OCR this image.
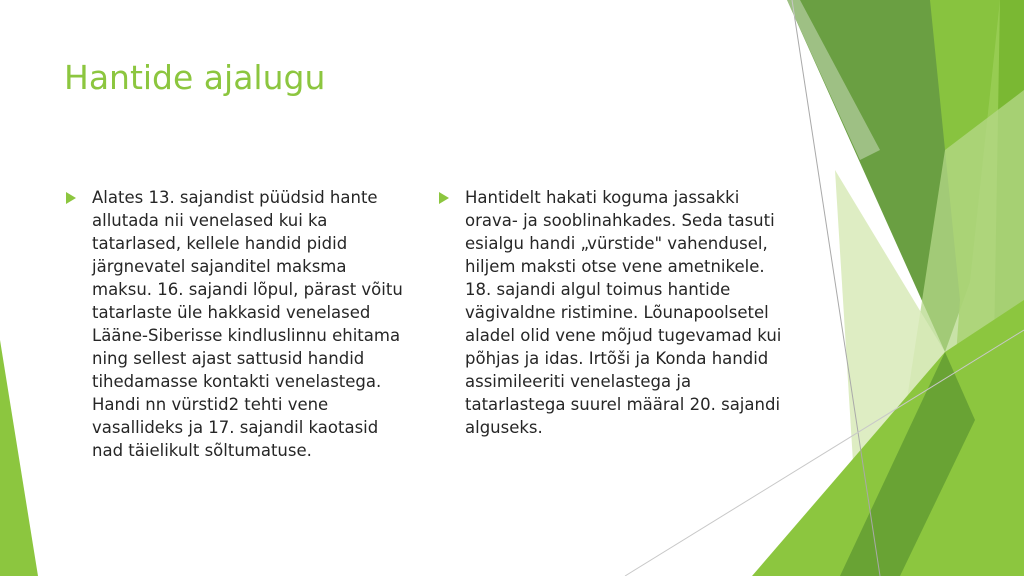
Hantide ajalugu
Alates 13. sajandist püüdsid hante allutada nii venelased kui ka tatarlased, kellele handid pidid järgnevatel sajanditel maksma maksu. 16. sajandi lõpul, pärast võitu tatarlaste üle hakkasid venelased Lääne-Siberisse kindluslinnu ehitama ning sellest ajast sattusid handid tihedamasse kontakti venelastega. Handi nn vürstid2 tehti vene vasallideks ja 17. sajandil kaotasid nad täielikult sõltumatuse.
Hantidelt hakati koguma jassakki orava- ja sooblinahkades. Seda tasuti esialgu handi „vürstide" vahendusel, hiljem maksti otse vene ametnikele. 18. sajandi algul toimus hantide vägivaldne ristimine. Lõunapoolsetel aladel olid vene mõjud tugevamad kui põhjas ja idas. Irtõši ja Konda handid assimileeriti venelastega ja tatarlastega suurel määral 20. sajandi alguseks.
